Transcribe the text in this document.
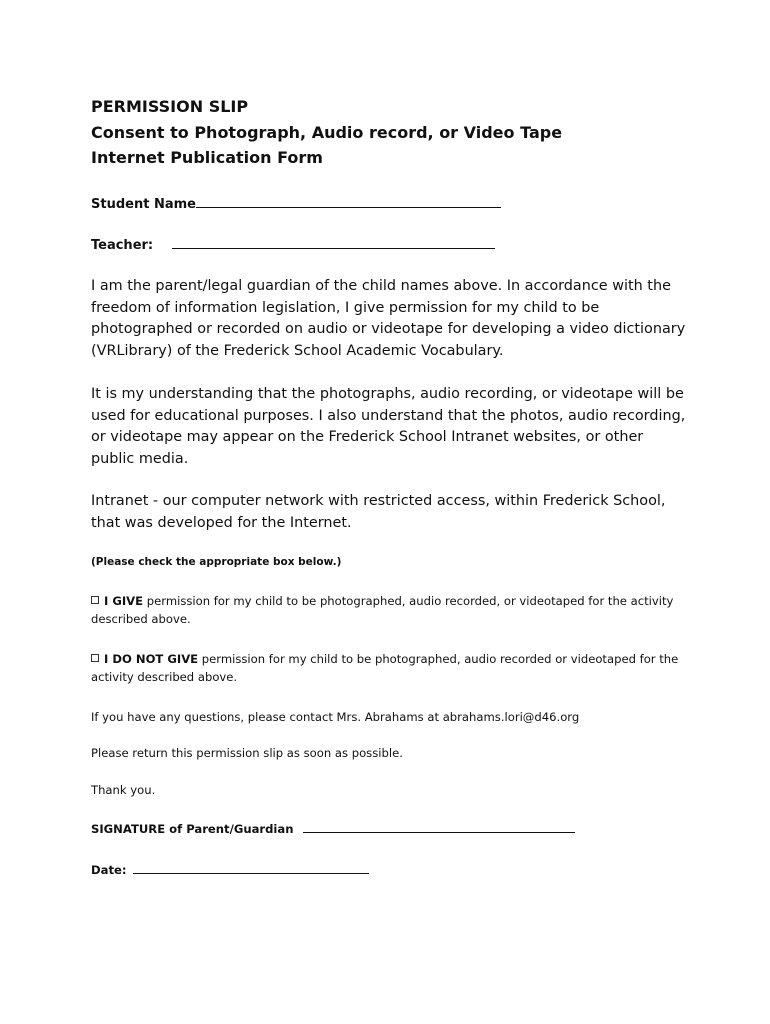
PERMISSION SLIP

Consent to Photograph, Audio record, or Video Tape

Internet Publication Form

Student Name
Teacher:

I am the parent/legal guardian of the child names above. In accordance with the freedom of information legislation, I give permission for my child to be photographed or recorded on audio or videotape for developing a video dictionary (VRLibrary) of the Frederick School Academic Vocabulary.

It is my understanding that the photographs, audio recording, or videotape will be used for educational purposes. I also understand that the photos, audio recording, or videotape may appear on the Frederick School Intranet websites, or other public media.

Intranet - our computer network with restricted access, within Frederick School, that was developed for the Internet.

(Please check the appropriate box below.)

I GIVE permission for my child to be photographed, audio recorded, or videotaped for the activity described above.

I DO NOT GIVE permission for my child to be photographed, audio recorded or videotaped for the activity described above.

If you have any questions, please contact Mrs. Abrahams at abrahams.lori@d46.org
Please return this permission slip as soon as possible.
Thank you.
SIGNATURE of Parent/Guardian
Date:
